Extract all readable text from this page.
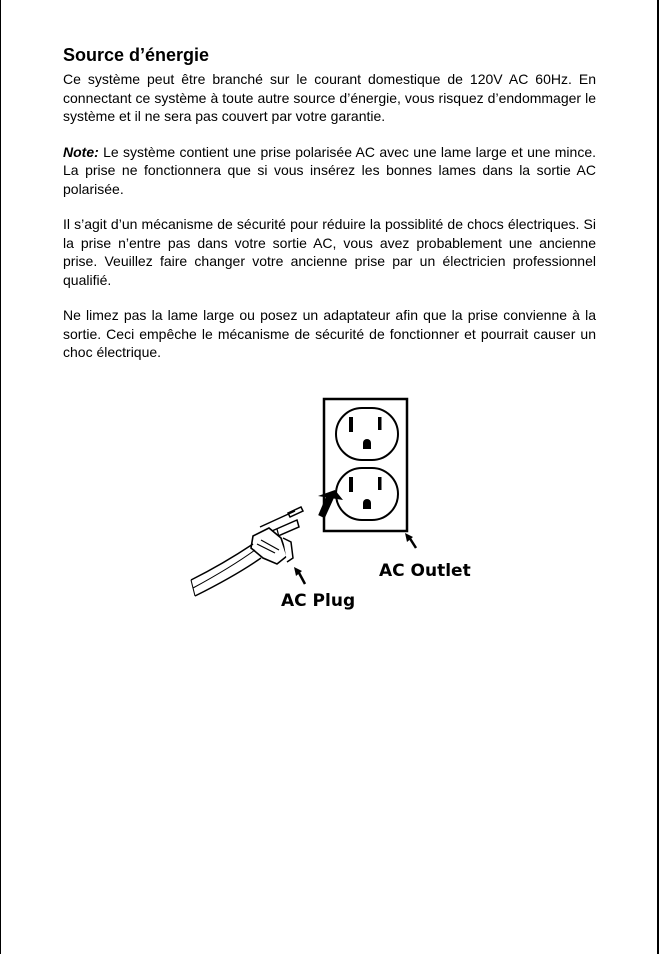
Source d’énergie

Ce système peut être branché sur le courant domestique de 120V AC 60Hz. En connectant ce système à toute autre source d’énergie, vous risquez d’endommager le système et il ne sera pas couvert par votre garantie.

Note: Le système contient une prise polarisée AC avec une lame large et une mince. La prise ne fonctionnera que si vous insérez les bonnes lames dans la sortie AC polarisée.

Il s’agit d’un mécanisme de sécurité pour réduire la possiblité de chocs électriques. Si la prise n’entre pas dans votre sortie AC, vous avez probablement une ancienne prise. Veuillez faire changer votre ancienne prise par un électricien professionnel qualifié.

Ne limez pas la lame large ou posez un adaptateur afin que la prise convienne à la sortie. Ceci empêche le mécanisme de sécurité de fonctionner et pourrait causer un choc électrique.

AC Outlet
AC Plug
